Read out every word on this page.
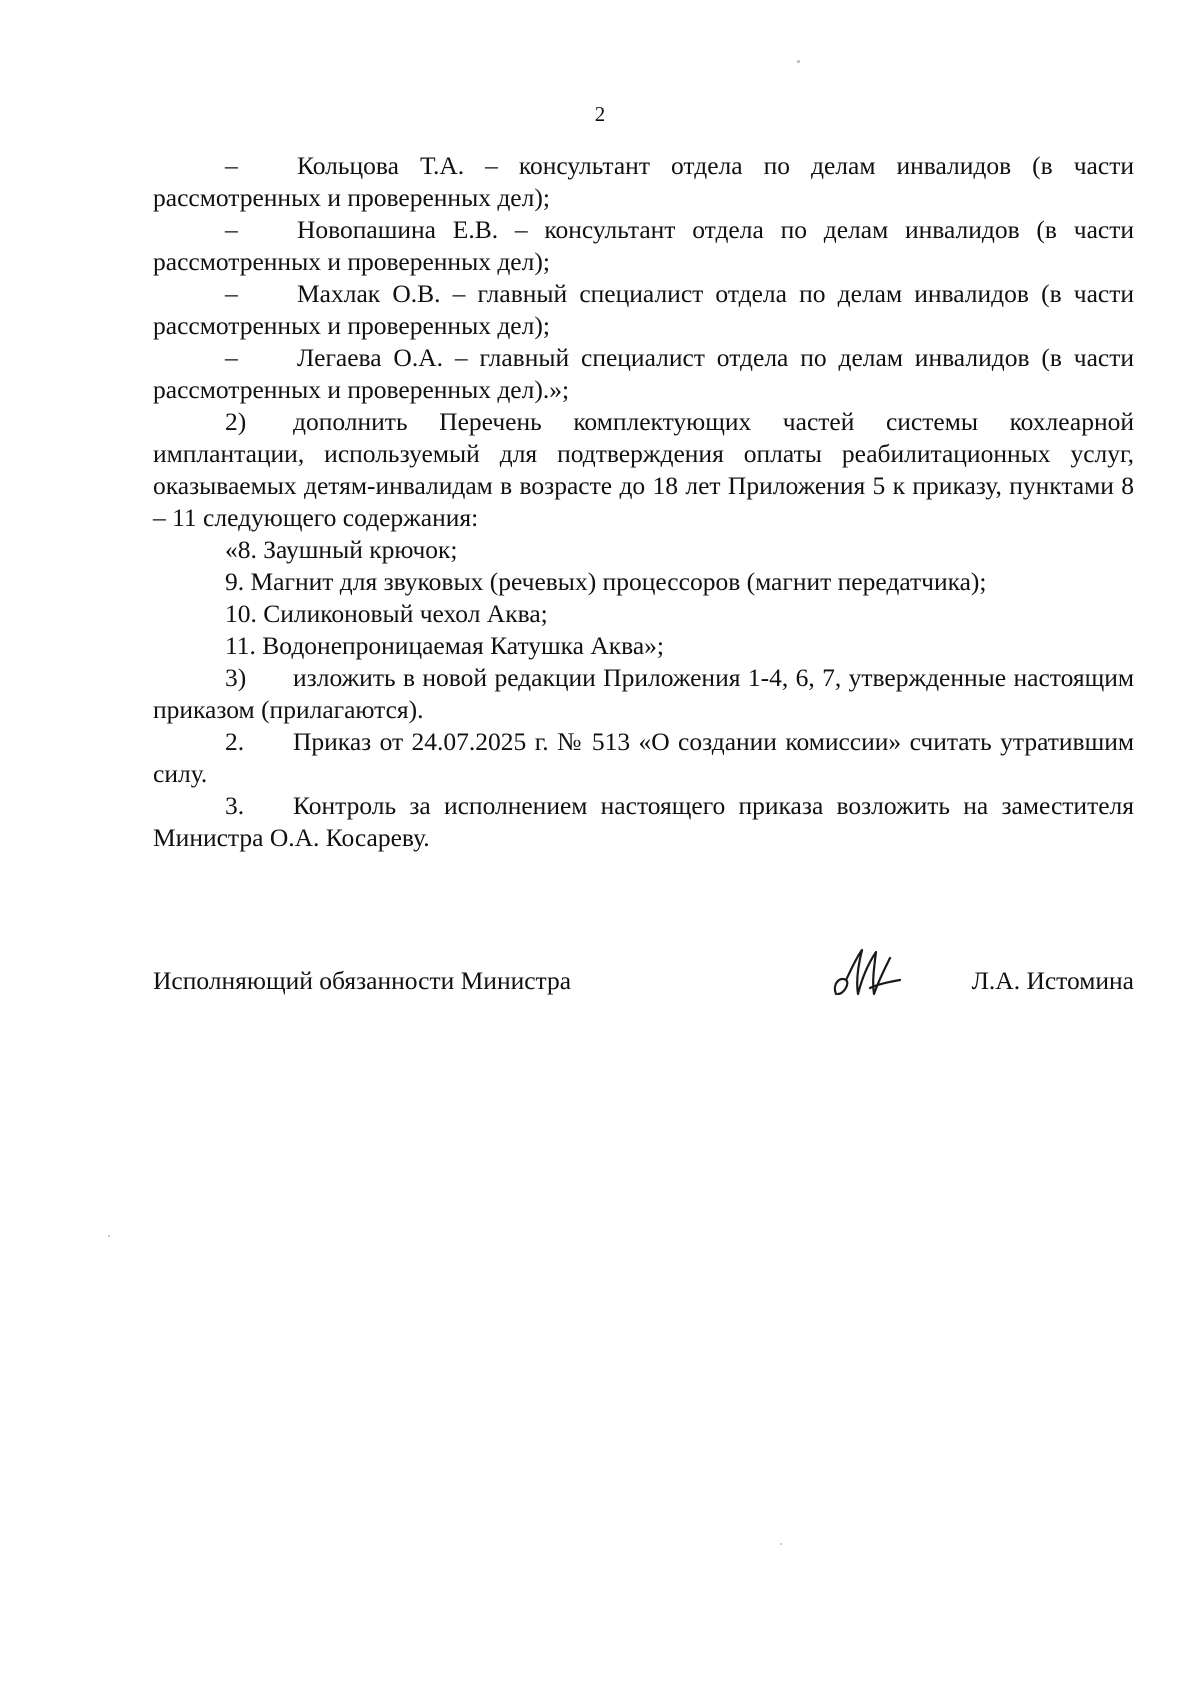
2

– Кольцова Т.А. – консультант отдела по делам инвалидов (в части рассмотренных и проверенных дел);

– Новопашина Е.В. – консультант отдела по делам инвалидов (в части рассмотренных и проверенных дел);

– Махлак О.В. – главный специалист отдела по делам инвалидов (в части рассмотренных и проверенных дел);

– Легаева О.А. – главный специалист отдела по делам инвалидов (в части рассмотренных и проверенных дел).»;

2) дополнить Перечень комплектующих частей системы кохлеарной имплантации, используемый для подтверждения оплаты реабилитационных услуг, оказываемых детям-инвалидам в возрасте до 18 лет Приложения 5 к приказу, пунктами 8 – 11 следующего содержания:

«8. Заушный крючок;

9. Магнит для звуковых (речевых) процессоров (магнит передатчика);

10. Силиконовый чехол Аква;

11. Водонепроницаемая Катушка Аква»;

3) изложить в новой редакции Приложения 1-4, 6, 7, утвержденные настоящим приказом (прилагаются).

2. Приказ от 24.07.2025 г. № 513 «О создании комиссии» считать утратившим силу.

3. Контроль за исполнением настоящего приказа возложить на заместителя Министра О.А. Косареву.

Исполняющий обязанности Министра	Л.А. Истомина
